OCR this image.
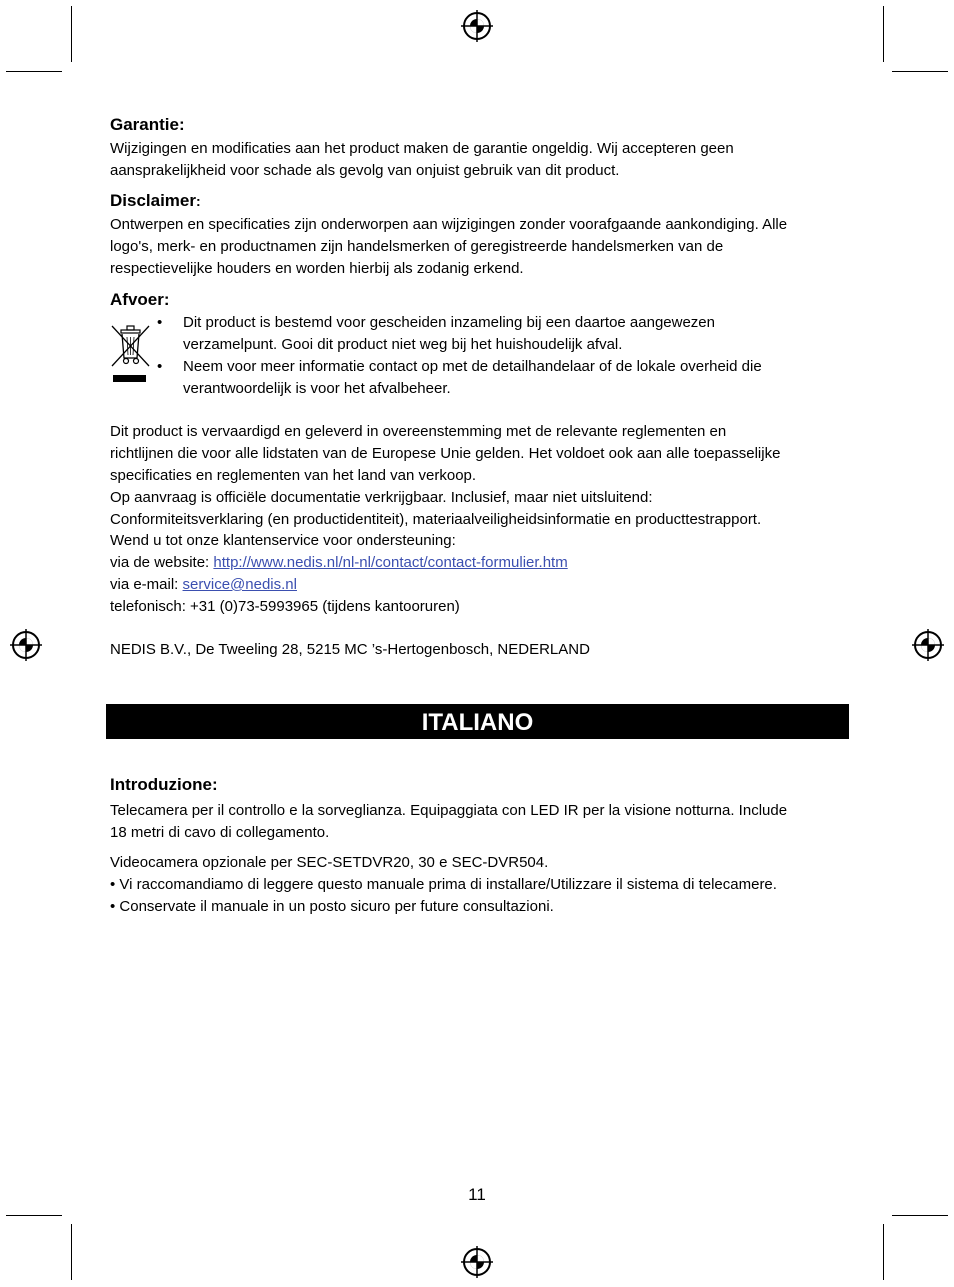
Garantie:
Wijzigingen en modificaties aan het product maken de garantie ongeldig. Wij accepteren geen
aansprakelijkheid voor schade als gevolg van onjuist gebruik van dit product.
Disclaimer:
Ontwerpen en specificaties zijn onderworpen aan wijzigingen zonder voorafgaande aankondiging. Alle
logo's, merk- en productnamen zijn handelsmerken of geregistreerde handelsmerken van de
respectievelijke houders en worden hierbij als zodanig erkend.
Afvoer:
• Dit product is bestemd voor gescheiden inzameling bij een daartoe aangewezen
verzamelpunt. Gooi dit product niet weg bij het huishoudelijk afval.
• Neem voor meer informatie contact op met de detailhandelaar of de lokale overheid die
verantwoordelijk is voor het afvalbeheer.
Dit product is vervaardigd en geleverd in overeenstemming met de relevante reglementen en
richtlijnen die voor alle lidstaten van de Europese Unie gelden. Het voldoet ook aan alle toepasselijke
specificaties en reglementen van het land van verkoop.
Op aanvraag is officiële documentatie verkrijgbaar. Inclusief, maar niet uitsluitend:
Conformiteitsverklaring (en productidentiteit), materiaalveiligheidsinformatie en producttestrapport.
Wend u tot onze klantenservice voor ondersteuning:
via de website: http://www.nedis.nl/nl-nl/contact/contact-formulier.htm
via e-mail: service@nedis.nl
telefonisch: +31 (0)73-5993965 (tijdens kantooruren)
NEDIS B.V., De Tweeling 28, 5215 MC ’s-Hertogenbosch, NEDERLAND
ITALIANO
Introduzione:
Telecamera per il controllo e la sorveglianza. Equipaggiata con LED IR per la visione notturna. Include
18 metri di cavo di collegamento.
Videocamera opzionale per SEC-SETDVR20, 30 e SEC-DVR504.
• Vi raccomandiamo di leggere questo manuale prima di installare/Utilizzare il sistema di telecamere.
• Conservate il manuale in un posto sicuro per future consultazioni.
11
